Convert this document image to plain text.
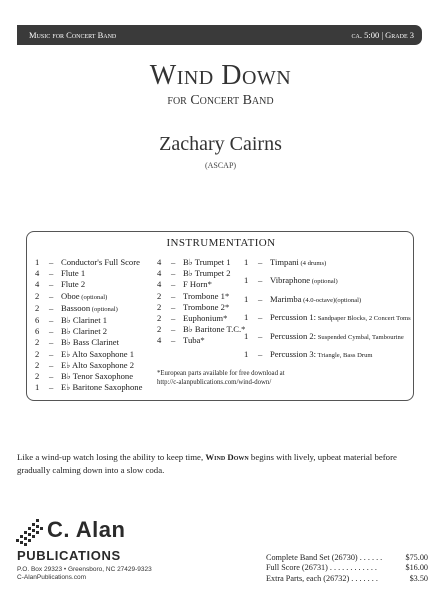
Music for Concert Band	ca. 5:00 | Grade 3
Wind Down
for Concert Band
Zachary Cairns
(ASCAP)
INSTRUMENTATION
1	– Conductor's Full Score
4	– Flute 1
4	– Flute 2
2	– Oboe (optional)
2	– Bassoon (optional)
6	– B♭ Clarinet 1
6	– B♭ Clarinet 2
2	– B♭ Bass Clarinet
2	– E♭ Alto Saxophone 1
2	– E♭ Alto Saxophone 2
2	– B♭ Tenor Saxophone
1	– E♭ Baritone Saxophone
4	– B♭ Trumpet 1
4	– B♭ Trumpet 2
4	– F Horn*
2	– Trombone 1*
2	– Trombone 2*
2	– Euphonium*
2	– B♭ Baritone T.C.*
4	– Tuba*
1	– Timpani (4 drums)
1	– Vibraphone (optional)
1	– Marimba (4.0-octave)(optional)
1	– Percussion 1: Sandpaper Blocks, 2 Concert Toms
1	– Percussion 2: Suspended Cymbal, Tambourine
1	– Percussion 3: Triangle, Bass Drum
*European parts available for free download at
http://c-alanpublications.com/wind-down/
Like a wind-up watch losing the ability to keep time, Wind Down begins with lively, upbeat material before gradually calming down into a slow coda.
C. Alan
PUBLICATIONS
P.O. Box 29323 • Greensboro, NC 27429-9323
C-AlanPublications.com
Complete Band Set (26730) . . . . . .	$75.00
Full Score (26731) . . . . . . . . . . . .	$16.00
Extra Parts, each (26732) . . . . . . .	$3.50
